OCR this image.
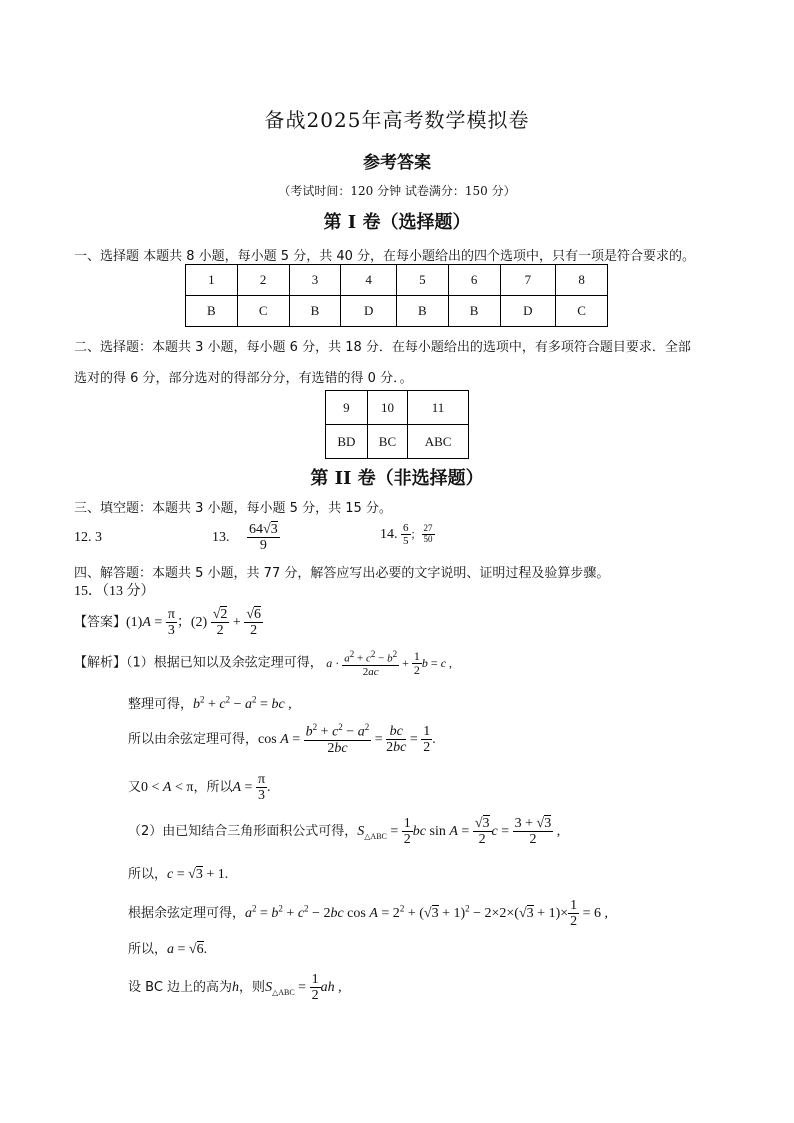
备战2025年高考数学模拟卷
参考答案
（考试时间：120 分钟 试卷满分：150 分）
第 I 卷（选择题）
一、选择题 本题共 8 小题，每小题 5 分，共 40 分，在每小题给出的四个选项中，只有一项是符合要求的。
1	2	3	4	5	6	7	8
B	C	B	D	B	B	D	C
二、选择题：本题共 3 小题，每小题 6 分，共 18 分．在每小题给出的选项中，有多项符合题目要求．全部
选对的得 6 分，部分选对的得部分分，有选错的得 0 分．。
9	10	11
BD	BC	ABC
第 II 卷（非选择题）
三、填空题：本题共 3 小题，每小题 5 分，共 15 分。
12. 3	13. $\frac{64√3}{9}$	14. $\frac{6}{5}$ ； $\frac{27}{50}$
四、解答题：本题共 5 小题，共 77 分，解答应写出必要的文字说明、证明过程及验算步骤。
15．（13 分）
【答案】$(1)A = \frac{\pi}{3}$ ；$(2) \frac{√2}{2} + \frac{√6}{2}$
【解析】（1）根据已知以及余弦定理可得， $a \cdot \frac{a^2 + c^2 - b^2}{2ac} + \frac{1}{2}$ b = c ,
整理可得，$b^2 + c^2 - a^2$ = bc ,
所以由余弦定理可得，$\cos A = \frac{b^2 + c^2 - a^2}{2bc} = \frac{bc}{2bc} = \frac{1}{2}$ .
又0 < A < π，所以$A = \frac{\pi}{3}$ .
（2）由已知结合三角形面积公式可得，$S_{\triangle ABC} = \frac{1}{2}$ bc $\sin A = \frac{√3}{2}$ $c = \frac{3 + √3}{2}$ ,
所以，c = √3 + 1.
根据余弦定理可得，$a^2 = b^2 + c^2 - 2bc$ $\cos A = 2^2 + (√3 + 1)^2 - 2\times 2\times(√3 + 1)\times \frac{1}{2} = 6$ ,
所以，a = √6.
设 BC 边上的高为h，则$S_{\triangle ABC} = \frac{1}{2}$ ah ,
